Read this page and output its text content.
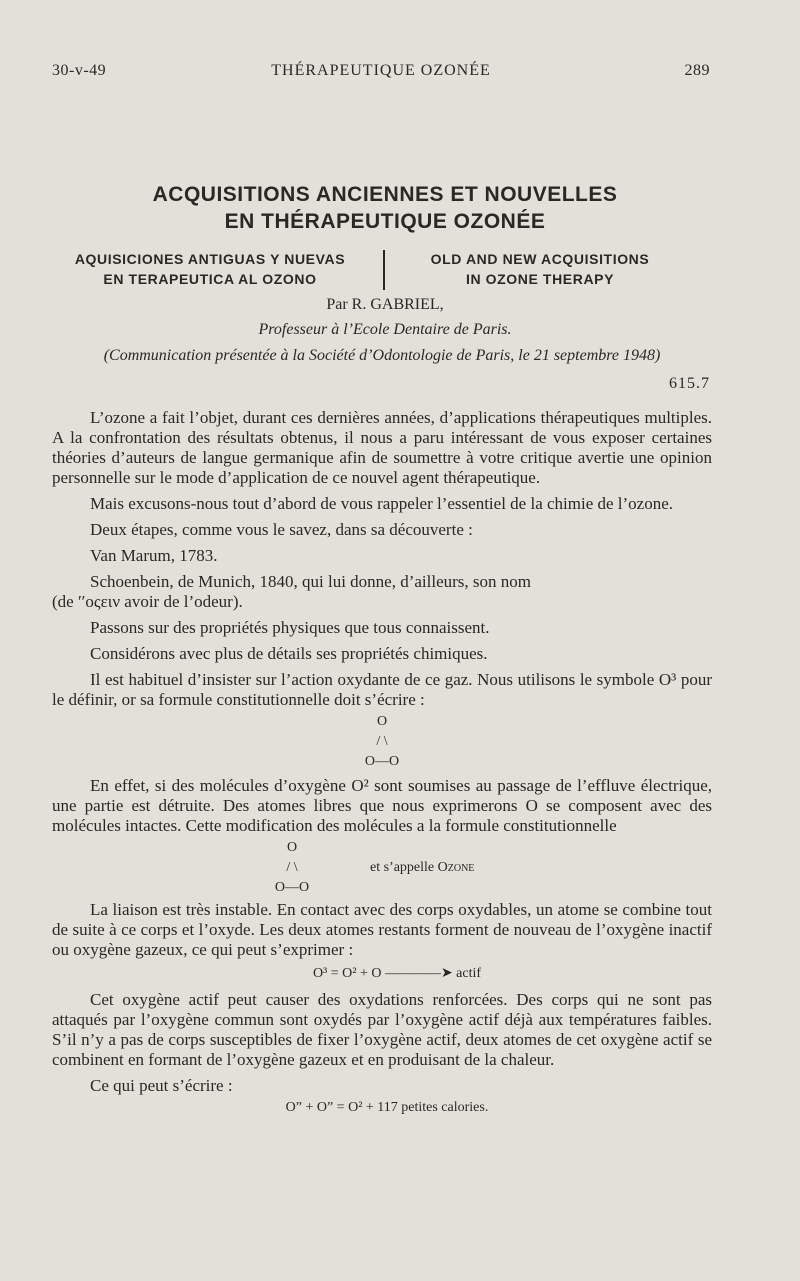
30-v-49	THÉRAPEUTIQUE OZONÉE	289
ACQUISITIONS ANCIENNES ET NOUVELLES
EN THÉRAPEUTIQUE OZONÉE
AQUISICIONES ANTIGUAS Y NUEVAS
EN TERAPEUTICA AL OZONO
OLD AND NEW ACQUISITIONS
IN OZONE THERAPY
Par R. GABRIEL,
Professeur à l’Ecole Dentaire de Paris.
(Communication présentée à la Société d’Odontologie de Paris, le 21 septembre 1948)
615.7

L’ozone a fait l’objet, durant ces dernières années, d’applications thérapeutiques multiples. A la confrontation des résultats obtenus, il nous a paru intéressant de vous exposer certaines théories d’auteurs de langue germanique afin de soumettre à votre critique avertie une opinion personnelle sur le mode d’application de ce nouvel agent thérapeutique.

Mais excusons-nous tout d’abord de vous rappeler l’essentiel de la chimie de l’ozone.

Deux étapes, comme vous le savez, dans sa découverte :

Van Marum, 1783.

Schoenbein, de Munich, 1840, qui lui donne, d’ailleurs, son nom

(de ʹʹοςειν avoir de l’odeur).

Passons sur des propriétés physiques que tous connaissent.

Considérons avec plus de détails ses propriétés chimiques.

Il est habituel d’insister sur l’action oxydante de ce gaz. Nous utilisons le symbole O³ pour le définir, or sa formule constitutionnelle doit s’écrire :

O
/ \
O—O

En effet, si des molécules d’oxygène O² sont soumises au passage de l’effluve électrique, une partie est détruite. Des atomes libres que nous exprimerons O se composent avec des molécules intactes. Cette modification des molécules a la formule constitutionnelle

O
/ \
O—O
et s’appelle Ozone

La liaison est très instable. En contact avec des corps oxydables, un atome se combine tout de suite à ce corps et l’oxyde. Les deux atomes restants forment de nouveau de l’oxygène inactif ou oxygène gazeux, ce qui peut s’exprimer :

O³ = O² + O ————➤ actif

Cet oxygène actif peut causer des oxydations renforcées. Des corps qui ne sont pas attaqués par l’oxygène commun sont oxydés par l’oxygène actif déjà aux températures faibles. S’il n’y a pas de corps susceptibles de fixer l’oxygène actif, deux atomes de cet oxygène actif se combinent en formant de l’oxygène gazeux et en produisant de la chaleur.

Ce qui peut s’écrire :

O” + O” = O² + 117 petites calories.
